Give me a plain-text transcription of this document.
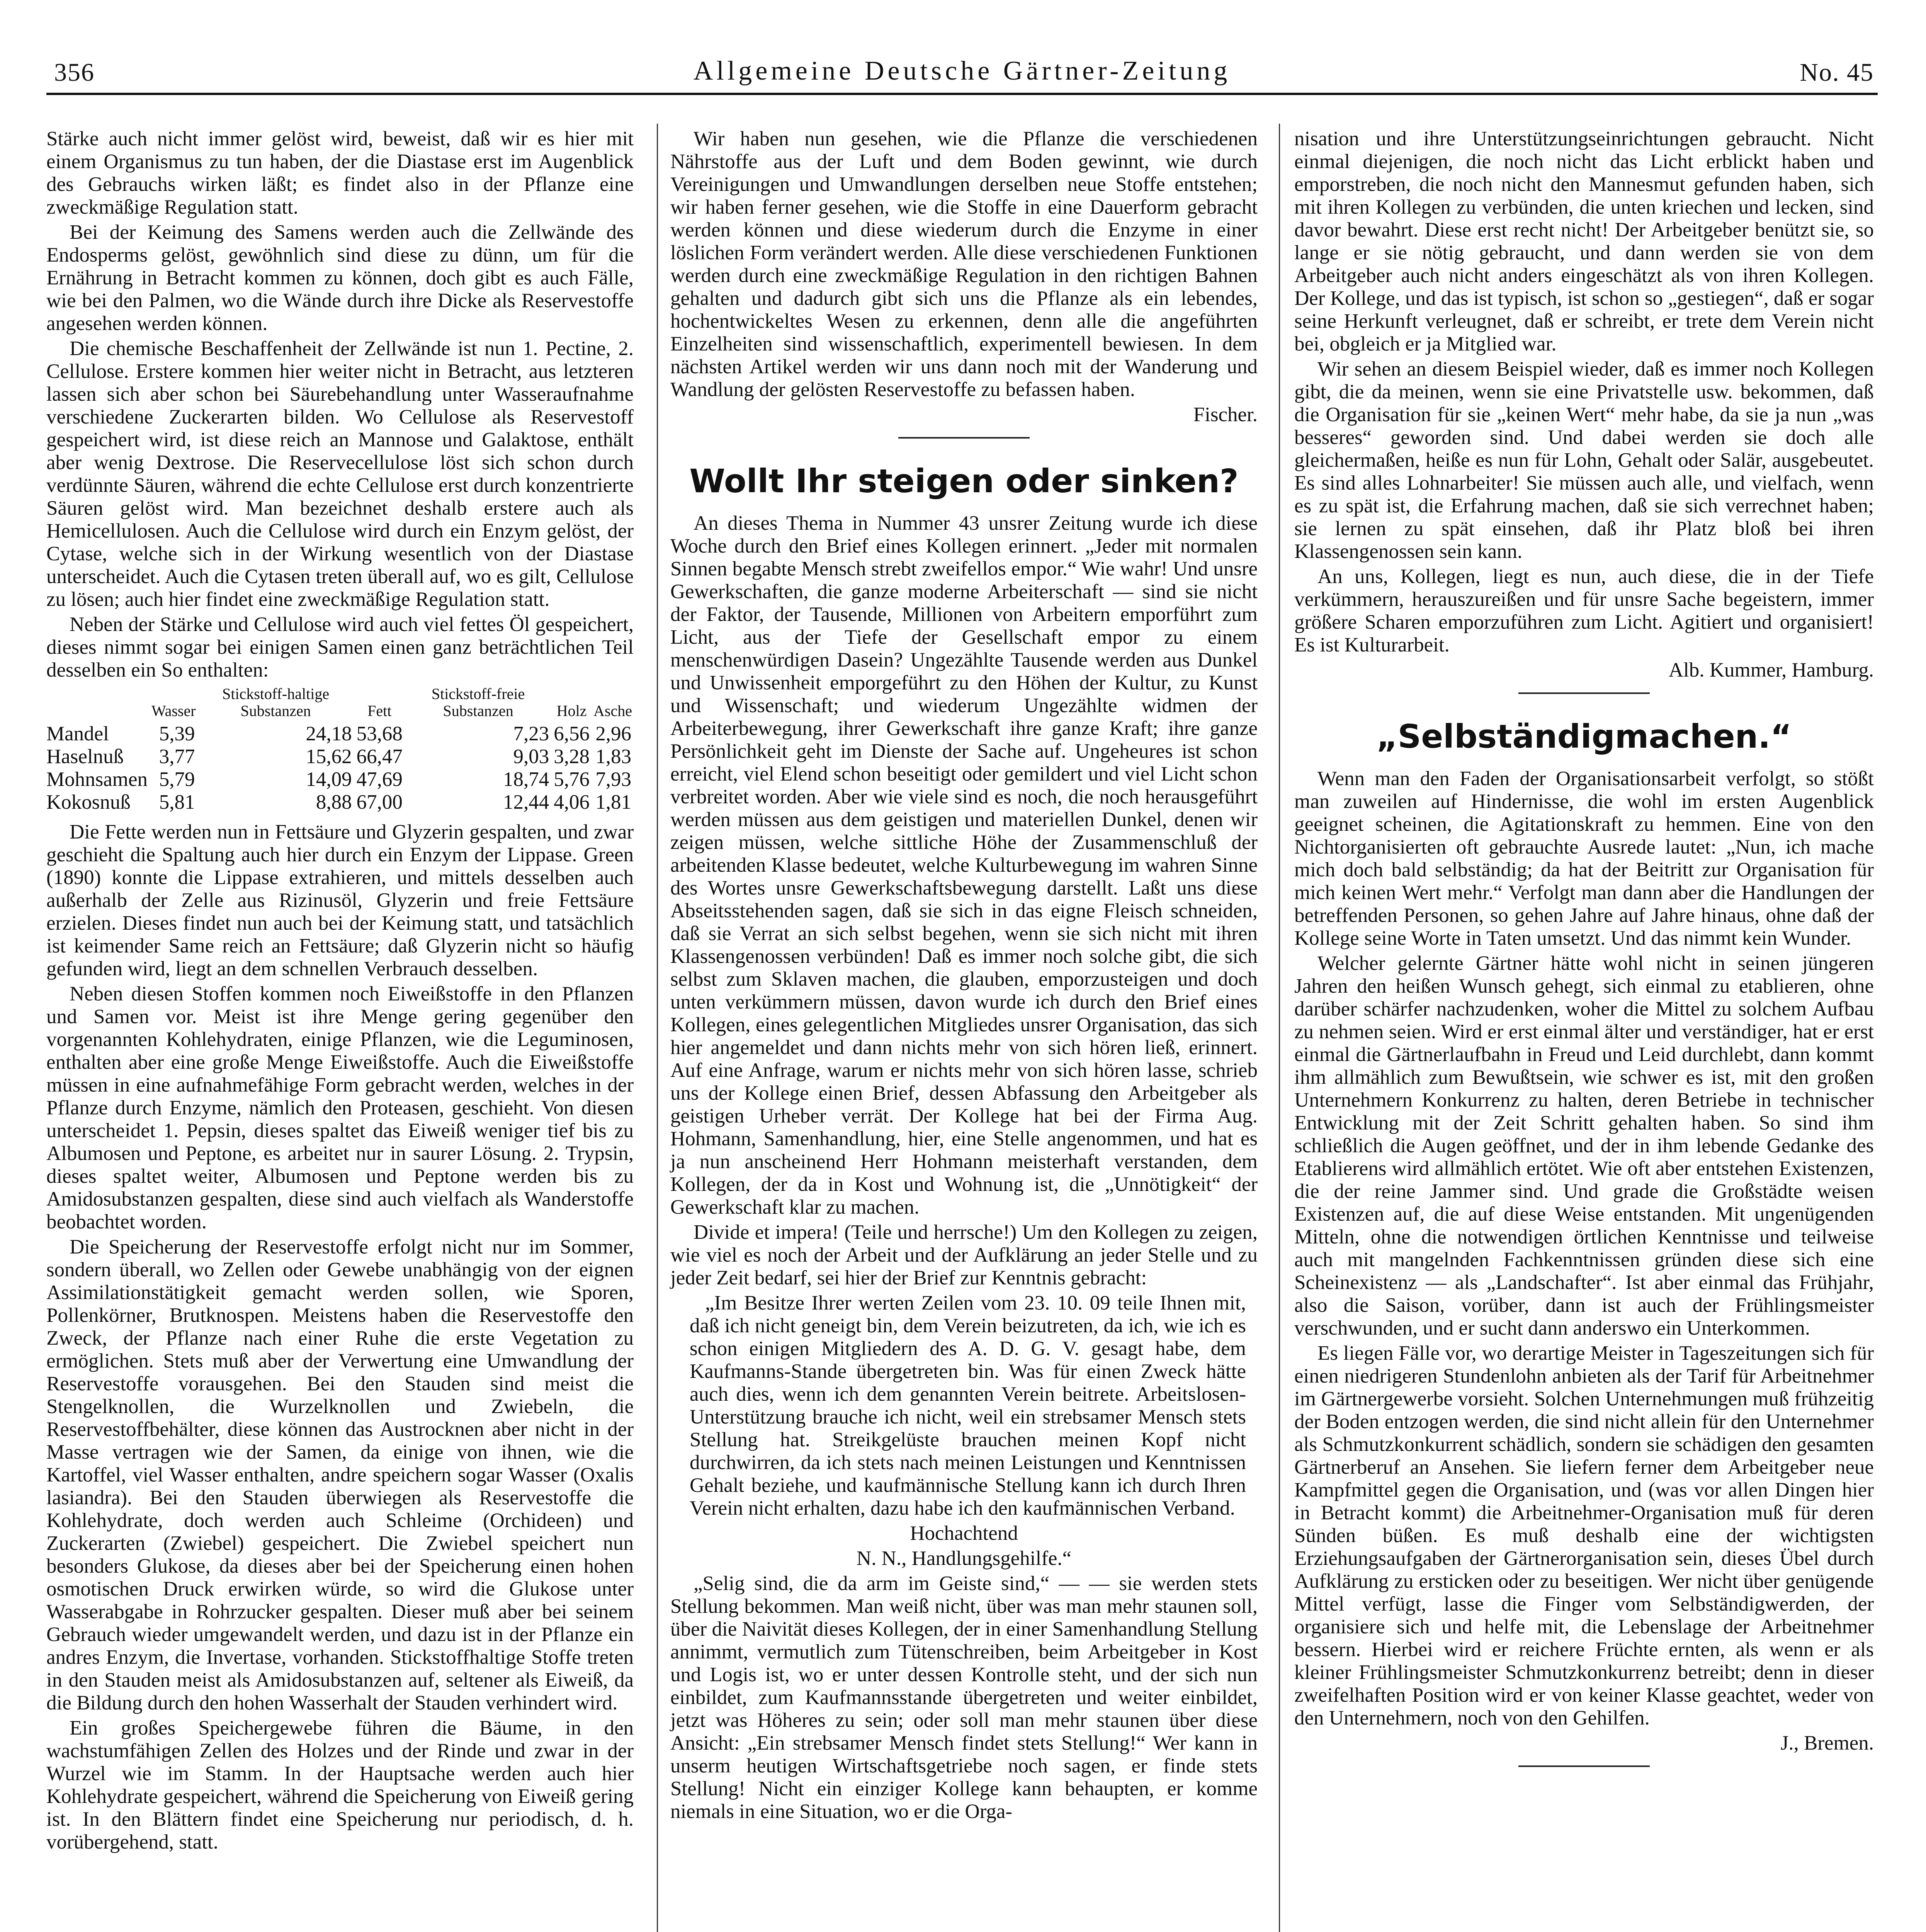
356	Allgemeine Deutsche Gärtner-Zeitung	No. 45

Stärke auch nicht immer gelöst wird, beweist, daß wir es hier mit einem Organismus zu tun haben, der die Diastase erst im Augenblick des Gebrauchs wirken läßt; es findet also in der Pflanze eine zweckmäßige Regulation statt.

Bei der Keimung des Samens werden auch die Zellwände des Endosperms gelöst, gewöhnlich sind diese zu dünn, um für die Ernährung in Betracht kommen zu können, doch gibt es auch Fälle, wie bei den Palmen, wo die Wände durch ihre Dicke als Reservestoffe angesehen werden können.

Die chemische Beschaffenheit der Zellwände ist nun 1. Pectine, 2. Cellulose. Erstere kommen hier weiter nicht in Betracht, aus letzteren lassen sich aber schon bei Säurebehandlung unter Wasseraufnahme verschiedene Zuckerarten bilden. Wo Cellulose als Reservestoff gespeichert wird, ist diese reich an Mannose und Galaktose, enthält aber wenig Dextrose. Die Reservecellulose löst sich schon durch verdünnte Säuren, während die echte Cellulose erst durch konzentrierte Säuren gelöst wird. Man bezeichnet deshalb erstere auch als Hemicellulosen. Auch die Cellulose wird durch ein Enzym gelöst, der Cytase, welche sich in der Wirkung wesentlich von der Diastase unterscheidet. Auch die Cytasen treten überall auf, wo es gilt, Cellulose zu lösen; auch hier findet eine zweckmäßige Regulation statt.

Neben der Stärke und Cellulose wird auch viel fettes Öl gespeichert, dieses nimmt sogar bei einigen Samen einen ganz beträchtlichen Teil desselben ein So enthalten:

	Wasser	Stickstoff-haltige Substanzen	Fett	Stickstoff-freie Substanzen	Holz	Asche
Mandel	5,39	24,18	53,68	7,23	6,56	2,96
Haselnuß	3,77	15,62	66,47	9,03	3,28	1,83
Mohnsamen	5,79	14,09	47,69	18,74	5,76	7,93
Kokosnuß	5,81	8,88	67,00	12,44	4,06	1,81

Die Fette werden nun in Fettsäure und Glyzerin gespalten, und zwar geschieht die Spaltung auch hier durch ein Enzym der Lippase. Green (1890) konnte die Lippase extrahieren, und mittels desselben auch außerhalb der Zelle aus Rizinusöl, Glyzerin und freie Fettsäure erzielen. Dieses findet nun auch bei der Keimung statt, und tatsächlich ist keimender Same reich an Fettsäure; daß Glyzerin nicht so häufig gefunden wird, liegt an dem schnellen Verbrauch desselben.

Neben diesen Stoffen kommen noch Eiweißstoffe in den Pflanzen und Samen vor. Meist ist ihre Menge gering gegenüber den vorgenannten Kohlehydraten, einige Pflanzen, wie die Leguminosen, enthalten aber eine große Menge Eiweißstoffe. Auch die Eiweißstoffe müssen in eine aufnahmefähige Form gebracht werden, welches in der Pflanze durch Enzyme, nämlich den Proteasen, geschieht. Von diesen unterscheidet 1. Pepsin, dieses spaltet das Eiweiß weniger tief bis zu Albumosen und Peptone, es arbeitet nur in saurer Lösung. 2. Trypsin, dieses spaltet weiter, Albumosen und Peptone werden bis zu Amidosubstanzen gespalten, diese sind auch vielfach als Wanderstoffe beobachtet worden.

Die Speicherung der Reservestoffe erfolgt nicht nur im Sommer, sondern überall, wo Zellen oder Gewebe unabhängig von der eignen Assimilationstätigkeit gemacht werden sollen, wie Sporen, Pollenkörner, Brutknospen. Meistens haben die Reservestoffe den Zweck, der Pflanze nach einer Ruhe die erste Vegetation zu ermöglichen. Stets muß aber der Verwertung eine Umwandlung der Reservestoffe vorausgehen. Bei den Stauden sind meist die Stengelknollen, die Wurzelknollen und Zwiebeln, die Reservestoffbehälter, diese können das Austrocknen aber nicht in der Masse vertragen wie der Samen, da einige von ihnen, wie die Kartoffel, viel Wasser enthalten, andre speichern sogar Wasser (Oxalis lasiandra). Bei den Stauden überwiegen als Reservestoffe die Kohlehydrate, doch werden auch Schleime (Orchideen) und Zuckerarten (Zwiebel) gespeichert. Die Zwiebel speichert nun besonders Glukose, da dieses aber bei der Speicherung einen hohen osmotischen Druck erwirken würde, so wird die Glukose unter Wasserabgabe in Rohrzucker gespalten. Dieser muß aber bei seinem Gebrauch wieder umgewandelt werden, und dazu ist in der Pflanze ein andres Enzym, die Invertase, vorhanden. Stickstoffhaltige Stoffe treten in den Stauden meist als Amidosubstanzen auf, seltener als Eiweiß, da die Bildung durch den hohen Wasserhalt der Stauden verhindert wird.

Ein großes Speichergewebe führen die Bäume, in den wachstumfähigen Zellen des Holzes und der Rinde und zwar in der Wurzel wie im Stamm. In der Hauptsache werden auch hier Kohlehydrate gespeichert, während die Speicherung von Eiweiß gering ist. In den Blättern findet eine Speicherung nur periodisch, d. h. vorübergehend, statt.

Wir haben nun gesehen, wie die Pflanze die verschiedenen Nährstoffe aus der Luft und dem Boden gewinnt, wie durch Vereinigungen und Umwandlungen derselben neue Stoffe entstehen; wir haben ferner gesehen, wie die Stoffe in eine Dauerform gebracht werden können und diese wiederum durch die Enzyme in einer löslichen Form verändert werden. Alle diese verschiedenen Funktionen werden durch eine zweckmäßige Regulation in den richtigen Bahnen gehalten und dadurch gibt sich uns die Pflanze als ein lebendes, hochentwickeltes Wesen zu erkennen, denn alle die angeführten Einzelheiten sind wissenschaftlich, experimentell bewiesen. In dem nächsten Artikel werden wir uns dann noch mit der Wanderung und Wandlung der gelösten Reservestoffe zu befassen haben.

Fischer.

Wollt Ihr steigen oder sinken?

An dieses Thema in Nummer 43 unsrer Zeitung wurde ich diese Woche durch den Brief eines Kollegen erinnert. „Jeder mit normalen Sinnen begabte Mensch strebt zweifellos empor.“ Wie wahr! Und unsre Gewerkschaften, die ganze moderne Arbeiterschaft — sind sie nicht der Faktor, der Tausende, Millionen von Arbeitern emporführt zum Licht, aus der Tiefe der Gesellschaft empor zu einem menschenwürdigen Dasein? Ungezählte Tausende werden aus Dunkel und Unwissenheit emporgeführt zu den Höhen der Kultur, zu Kunst und Wissenschaft; und wiederum Ungezählte widmen der Arbeiterbewegung, ihrer Gewerkschaft ihre ganze Kraft; ihre ganze Persönlichkeit geht im Dienste der Sache auf. Ungeheures ist schon erreicht, viel Elend schon beseitigt oder gemildert und viel Licht schon verbreitet worden. Aber wie viele sind es noch, die noch herausgeführt werden müssen aus dem geistigen und materiellen Dunkel, denen wir zeigen müssen, welche sittliche Höhe der Zusammenschluß der arbeitenden Klasse bedeutet, welche Kulturbewegung im wahren Sinne des Wortes unsre Gewerkschaftsbewegung darstellt. Laßt uns diese Abseitsstehenden sagen, daß sie sich in das eigne Fleisch schneiden, daß sie Verrat an sich selbst begehen, wenn sie sich nicht mit ihren Klassengenossen verbünden! Daß es immer noch solche gibt, die sich selbst zum Sklaven machen, die glauben, emporzusteigen und doch unten verkümmern müssen, davon wurde ich durch den Brief eines Kollegen, eines gelegentlichen Mitgliedes unsrer Organisation, das sich hier angemeldet und dann nichts mehr von sich hören ließ, erinnert. Auf eine Anfrage, warum er nichts mehr von sich hören lasse, schrieb uns der Kollege einen Brief, dessen Abfassung den Arbeitgeber als geistigen Urheber verrät. Der Kollege hat bei der Firma Aug. Hohmann, Samenhandlung, hier, eine Stelle angenommen, und hat es ja nun anscheinend Herr Hohmann meisterhaft verstanden, dem Kollegen, der da in Kost und Wohnung ist, die „Unnötigkeit“ der Gewerkschaft klar zu machen.

Divide et impera! (Teile und herrsche!) Um den Kollegen zu zeigen, wie viel es noch der Arbeit und der Aufklärung an jeder Stelle und zu jeder Zeit bedarf, sei hier der Brief zur Kenntnis gebracht:

„Im Besitze Ihrer werten Zeilen vom 23. 10. 09 teile Ihnen mit, daß ich nicht geneigt bin, dem Verein beizutreten, da ich, wie ich es schon einigen Mitgliedern des A. D. G. V. gesagt habe, dem Kaufmanns-Stande übergetreten bin. Was für einen Zweck hätte auch dies, wenn ich dem genannten Verein beitrete. Arbeitslosen-Unterstützung brauche ich nicht, weil ein strebsamer Mensch stets Stellung hat. Streikgelüste brauchen meinen Kopf nicht durchwirren, da ich stets nach meinen Leistungen und Kenntnissen Gehalt beziehe, und kaufmännische Stellung kann ich durch Ihren Verein nicht erhalten, dazu habe ich den kaufmännischen Verband.

Hochachtend

N. N., Handlungsgehilfe.“

„Selig sind, die da arm im Geiste sind,“ — — sie werden stets Stellung bekommen. Man weiß nicht, über was man mehr staunen soll, über die Naivität dieses Kollegen, der in einer Samenhandlung Stellung annimmt, vermutlich zum Tütenschreiben, beim Arbeitgeber in Kost und Logis ist, wo er unter dessen Kontrolle steht, und der sich nun einbildet, zum Kaufmannsstande übergetreten und weiter einbildet, jetzt was Höheres zu sein; oder soll man mehr staunen über diese Ansicht: „Ein strebsamer Mensch findet stets Stellung!“ Wer kann in unserm heutigen Wirtschaftsgetriebe noch sagen, er finde stets Stellung! Nicht ein einziger Kollege kann behaupten, er komme niemals in eine Situation, wo er die Orga-

nisation und ihre Unterstützungseinrichtungen gebraucht. Nicht einmal diejenigen, die noch nicht das Licht erblickt haben und emporstreben, die noch nicht den Mannesmut gefunden haben, sich mit ihren Kollegen zu verbünden, die unten kriechen und lecken, sind davor bewahrt. Diese erst recht nicht! Der Arbeitgeber benützt sie, so lange er sie nötig gebraucht, und dann werden sie von dem Arbeitgeber auch nicht anders eingeschätzt als von ihren Kollegen. Der Kollege, und das ist typisch, ist schon so „gestiegen“, daß er sogar seine Herkunft verleugnet, daß er schreibt, er trete dem Verein nicht bei, obgleich er ja Mitglied war.

Wir sehen an diesem Beispiel wieder, daß es immer noch Kollegen gibt, die da meinen, wenn sie eine Privatstelle usw. bekommen, daß die Organisation für sie „keinen Wert“ mehr habe, da sie ja nun „was besseres“ geworden sind. Und dabei werden sie doch alle gleichermaßen, heiße es nun für Lohn, Gehalt oder Salär, ausgebeutet. Es sind alles Lohnarbeiter! Sie müssen auch alle, und vielfach, wenn es zu spät ist, die Erfahrung machen, daß sie sich verrechnet haben; sie lernen zu spät einsehen, daß ihr Platz bloß bei ihren Klassengenossen sein kann.

An uns, Kollegen, liegt es nun, auch diese, die in der Tiefe verkümmern, herauszureißen und für unsre Sache begeistern, immer größere Scharen emporzuführen zum Licht. Agitiert und organisiert! Es ist Kulturarbeit.

Alb. Kummer, Hamburg.

„Selbständigmachen.“

Wenn man den Faden der Organisationsarbeit verfolgt, so stößt man zuweilen auf Hindernisse, die wohl im ersten Augenblick geeignet scheinen, die Agitationskraft zu hemmen. Eine von den Nichtorganisierten oft gebrauchte Ausrede lautet: „Nun, ich mache mich doch bald selbständig; da hat der Beitritt zur Organisation für mich keinen Wert mehr.“ Verfolgt man dann aber die Handlungen der betreffenden Personen, so gehen Jahre auf Jahre hinaus, ohne daß der Kollege seine Worte in Taten umsetzt. Und das nimmt kein Wunder.

Welcher gelernte Gärtner hätte wohl nicht in seinen jüngeren Jahren den heißen Wunsch gehegt, sich einmal zu etablieren, ohne darüber schärfer nachzudenken, woher die Mittel zu solchem Aufbau zu nehmen seien. Wird er erst einmal älter und verständiger, hat er erst einmal die Gärtnerlaufbahn in Freud und Leid durchlebt, dann kommt ihm allmählich zum Bewußtsein, wie schwer es ist, mit den großen Unternehmern Konkurrenz zu halten, deren Betriebe in technischer Entwicklung mit der Zeit Schritt gehalten haben. So sind ihm schließlich die Augen geöffnet, und der in ihm lebende Gedanke des Etablierens wird allmählich ertötet. Wie oft aber entstehen Existenzen, die der reine Jammer sind. Und grade die Großstädte weisen Existenzen auf, die auf diese Weise entstanden. Mit ungenügenden Mitteln, ohne die notwendigen örtlichen Kenntnisse und teilweise auch mit mangelnden Fachkenntnissen gründen diese sich eine Scheinexistenz — als „Landschafter“. Ist aber einmal das Frühjahr, also die Saison, vorüber, dann ist auch der Frühlingsmeister verschwunden, und er sucht dann anderswo ein Unterkommen.

Es liegen Fälle vor, wo derartige Meister in Tageszeitungen sich für einen niedrigeren Stundenlohn anbieten als der Tarif für Arbeitnehmer im Gärtnergewerbe vorsieht. Solchen Unternehmungen muß frühzeitig der Boden entzogen werden, die sind nicht allein für den Unternehmer als Schmutzkonkurrent schädlich, sondern sie schädigen den gesamten Gärtnerberuf an Ansehen. Sie liefern ferner dem Arbeitgeber neue Kampfmittel gegen die Organisation, und (was vor allen Dingen hier in Betracht kommt) die Arbeitnehmer-Organisation muß für deren Sünden büßen. Es muß deshalb eine der wichtigsten Erziehungsaufgaben der Gärtnerorganisation sein, dieses Übel durch Aufklärung zu ersticken oder zu beseitigen. Wer nicht über genügende Mittel verfügt, lasse die Finger vom Selbständigwerden, der organisiere sich und helfe mit, die Lebenslage der Arbeitnehmer bessern. Hierbei wird er reichere Früchte ernten, als wenn er als kleiner Frühlingsmeister Schmutzkonkurrenz betreibt; denn in dieser zweifelhaften Position wird er von keiner Klasse geachtet, weder von den Unternehmern, noch von den Gehilfen.

J., Bremen.
